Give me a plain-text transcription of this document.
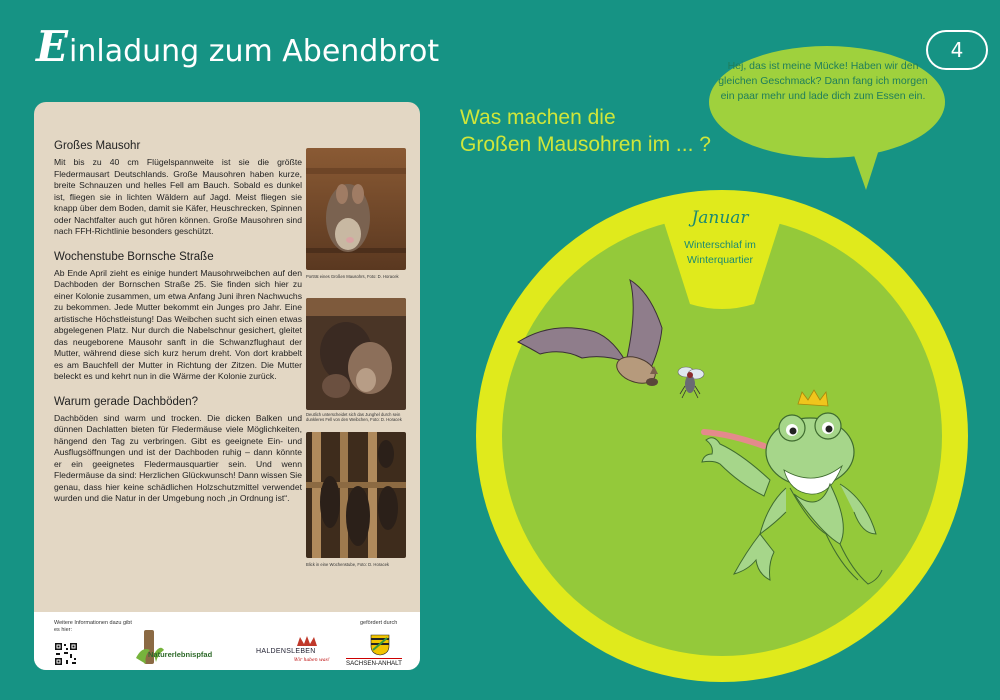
E inladung zum Abendbrot	4
Großes Mausohr

Mit bis zu 40 cm Flügelspannweite ist sie die größte Fledermausart Deutschlands. Große Mausohren haben kurze, breite Schnauzen und helles Fell am Bauch. Sobald es dunkel ist, fliegen sie in lichten Wäldern auf Jagd. Meist fliegen sie knapp über dem Boden, damit sie Käfer, Heuschrecken, Spinnen oder Nachtfalter auch gut hören können. Große Mausohren sind nach FFH-Richtlinie besonders geschützt.

Wochenstube Bornsche Straße

Ab Ende April zieht es einige hundert Mausohrweibchen auf den Dachboden der Bornschen Straße 25. Sie finden sich hier zu einer Kolonie zusammen, um etwa Anfang Juni ihren Nachwuchs zu bekommen. Jede Mutter bekommt ein Junges pro Jahr. Eine artistische Höchstleistung! Das Weibchen sucht sich einen etwas abgelegenen Platz. Nur durch die Nabelschnur gesichert, gleitet das neugeborene Mausohr sanft in die Schwanzflughaut der Mutter, während diese sich kurz herum dreht. Von dort krabbelt es am Bauchfell der Mutter in Richtung der Zitzen. Die Mutter beleckt es und kehrt nun in die Wärme der Kolonie zurück.

Warum gerade Dachböden?

Dachböden sind warm und trocken. Die dicken Balken und dünnen Dachlatten bieten für Fledermäuse viele Möglichkeiten, hängend den Tag zu verbringen. Gibt es geeignete Ein- und Ausflugsöffnungen und ist der Dachboden ruhig – dann könnte er ein geeignetes Fledermausquartier sein. Und wenn Fledermäuse da sind: Herzlichen Glückwunsch! Dann wissen Sie genau, dass hier keine schädlichen Holzschutzmittel verwendet wurden und die Natur in der Umgebung noch „in Ordnung ist“.

Porträt eines Großen Mausohrs, Foto: D. Horacek
Deutlich unterscheidet sich das Junghel durch sein dunkleres Fell von den Weibchen, Foto: D. Horacek
Blick in eine Wochenstube, Foto: D. Horacek
Weitere Informationen dazu gibt es hier:
Naturerlebnispfad	HALDENSLEBEN
Wir haben was!
gefördert durch
SACHSEN-ANHALT
Was machen die
Großen Mausohren im ... ?
Hej, das ist meine Mücke! Haben wir den gleichen Geschmack? Dann fang ich morgen ein paar mehr und lade dich zum Essen ein.
Januar
Winterschlaf im Winterquartier
